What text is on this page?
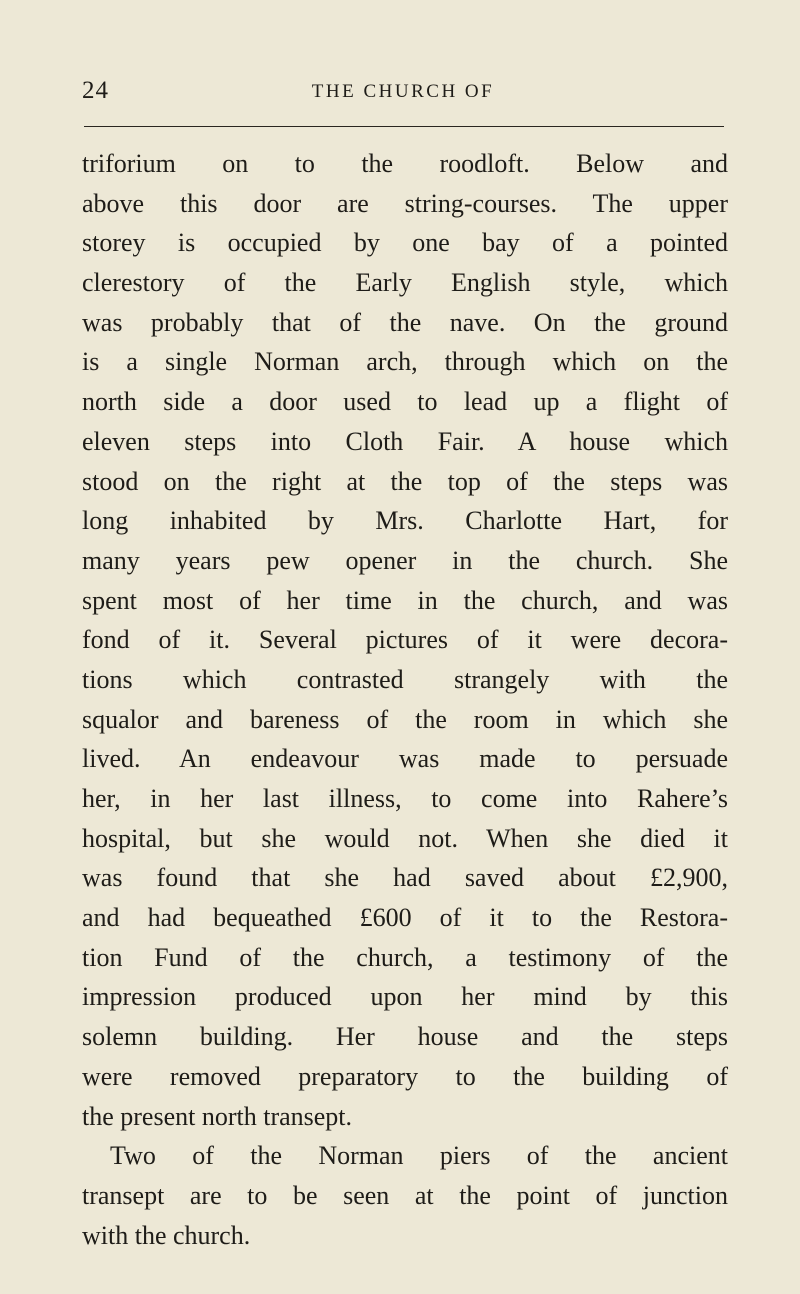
24	THE CHURCH OF
triforium on to the roodloft. Below and
above this door are string-courses. The upper
storey is occupied by one bay of a pointed
clerestory of the Early English style, which
was probably that of the nave. On the ground
is a single Norman arch, through which on the
north side a door used to lead up a flight of
eleven steps into Cloth Fair. A house which
stood on the right at the top of the steps was
long inhabited by Mrs. Charlotte Hart, for
many years pew opener in the church. She
spent most of her time in the church, and was
fond of it. Several pictures of it were decora-
tions which contrasted strangely with the
squalor and bareness of the room in which she
lived. An endeavour was made to persuade
her, in her last illness, to come into Rahere’s
hospital, but she would not. When she died it
was found that she had saved about £2,900,
and had bequeathed £600 of it to the Restora-
tion Fund of the church, a testimony of the
impression produced upon her mind by this
solemn building. Her house and the steps
were removed preparatory to the building of
the present north transept.
Two of the Norman piers of the ancient
transept are to be seen at the point of junction
with the church.
